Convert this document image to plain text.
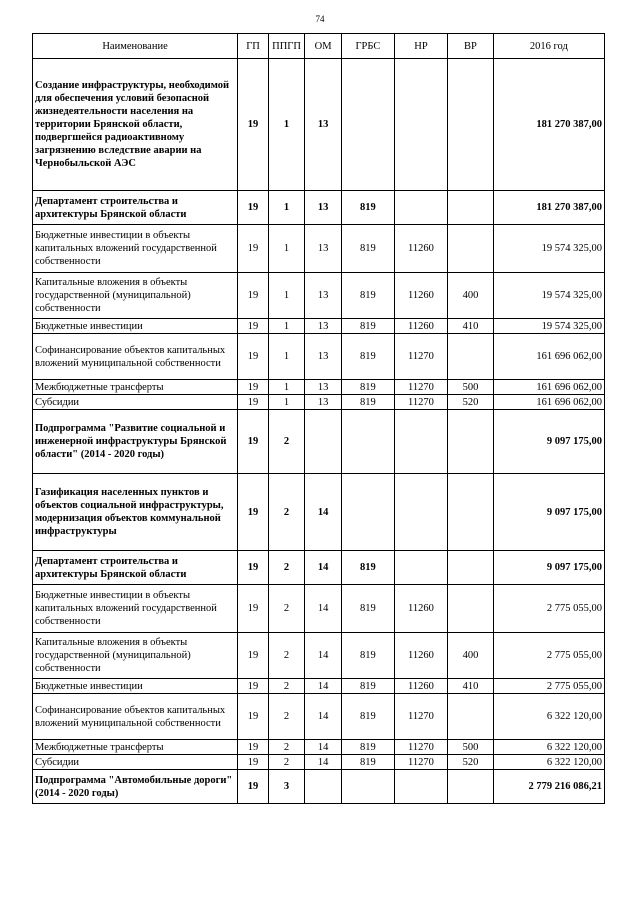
74
Наименование	ГП	ППГП	ОМ	ГРБС	НР	ВР	2016 год
Создание инфраструктуры, необходимой для обеспечения условий безопасной жизнедеятельности населения на территории Брянской области, подвергшейся радиоактивному загрязнению вследствие аварии на Чернобыльской АЭС	19	1	13				181 270 387,00
Департамент строительства и архитектуры Брянской области	19	1	13	819			181 270 387,00
Бюджетные инвестиции в объекты капитальных вложений государственной собственности	19	1	13	819	11260		19 574 325,00
Капитальные вложения в объекты государственной (муниципальной) собственности	19	1	13	819	11260	400	19 574 325,00
Бюджетные инвестиции	19	1	13	819	11260	410	19 574 325,00
Софинансирование объектов капитальных вложений муниципальной собственности	19	1	13	819	11270		161 696 062,00
Межбюджетные трансферты	19	1	13	819	11270	500	161 696 062,00
Субсидии	19	1	13	819	11270	520	161 696 062,00
Подпрограмма "Развитие социальной и инженерной инфраструктуры Брянской области" (2014 - 2020 годы)	19	2					9 097 175,00
Газификация населенных пунктов и объектов социальной инфраструктуры, модернизация объектов коммунальной инфраструктуры	19	2	14				9 097 175,00
Департамент строительства и архитектуры Брянской области	19	2	14	819			9 097 175,00
Бюджетные инвестиции в объекты капитальных вложений государственной собственности	19	2	14	819	11260		2 775 055,00
Капитальные вложения в объекты государственной (муниципальной) собственности	19	2	14	819	11260	400	2 775 055,00
Бюджетные инвестиции	19	2	14	819	11260	410	2 775 055,00
Софинансирование объектов капитальных вложений муниципальной собственности	19	2	14	819	11270		6 322 120,00
Межбюджетные трансферты	19	2	14	819	11270	500	6 322 120,00
Субсидии	19	2	14	819	11270	520	6 322 120,00
Подпрограмма "Автомобильные дороги" (2014 - 2020 годы)	19	3					2 779 216 086,21
